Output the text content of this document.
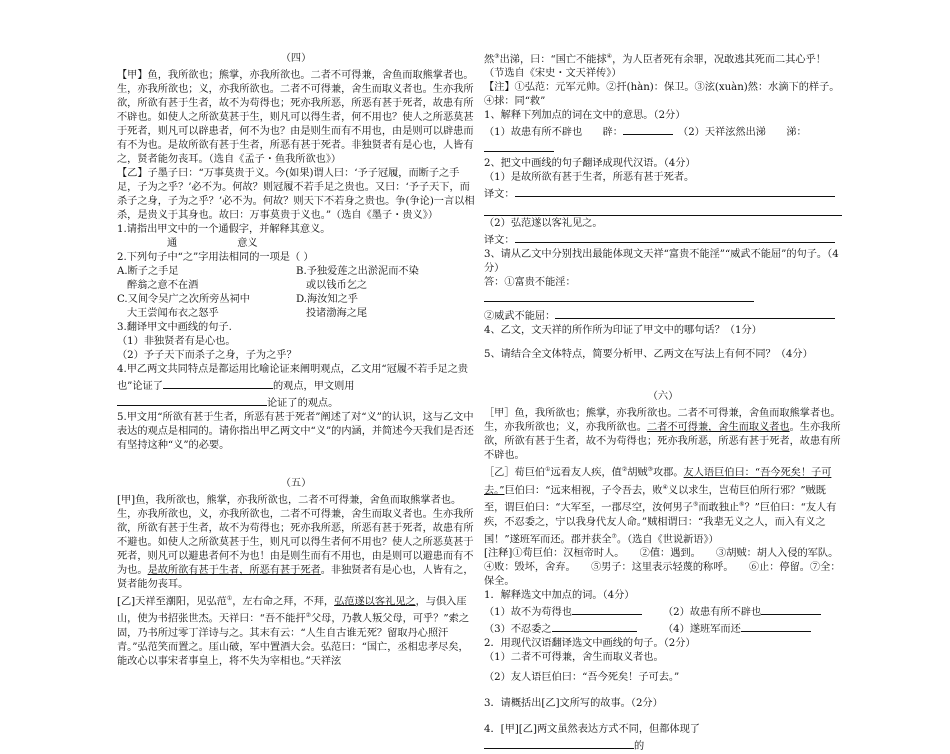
（四）

【甲】鱼，我所欲也；熊掌，亦我所欲也。二者不可得兼，舍鱼而取熊掌者也。生，亦我所欲也；义，亦我所欲也。二者不可得兼，舍生而取义者也。生亦我所欲，所欲有甚于生者，故不为苟得也；死亦我所恶，所恶有甚于死者，故患有所不辟也。如使人之所欲莫甚于生，则凡可以得生者，何不用也？使人之所恶莫甚于死者，则凡可以辟患者，何不为也？由是则生而有不用也，由是则可以辟患而有不为也。是故所欲有甚于生者，所恶有甚于死者。非独贤者有是心也，人皆有之，贤者能勿丧耳。（选自《孟子・鱼我所欲也》）

【乙】子墨子曰：“万事莫贵于义。今(如果)谓人曰：‘予子冠履，而断子之手足，子为之乎？’必不为。何故？则冠履不若手足之贵也。又曰：‘予子天下，而杀子之身，子为之乎？’必不为。何故？则天下不若身之贵也。争(争论)一言以相杀，是贵义于其身也。故曰：万事莫贵于义也。”（选自《墨子・贵义》）

1.请指出甲文中的一个通假字，并解释其意义。

通	意义

2.下列句子中“之”字用法相同的一项是（ ）

A.断子之手足	B.予独爱莲之出淤泥而不染

醉翁之意不在酒	或以钱币乞之

C.又间令吴广之次所旁丛祠中	D.海汝知之乎

大王尝闻布衣之怒乎	投诸渤海之尾

3.翻译甲文中画线的句子.

（1）非独贤者有是心也。

（2）予子天下而杀子之身，子为之乎？

4.甲乙两文共同特点是都运用比喻论证来阐明观点，乙文用“冠履不若手足之贵也”论证了	的观点，甲文则用论证了的观点。

5.甲文用“所欲有甚于生者，所恶有甚于死者”阐述了对“义”的认识，这与乙文中表达的观点是相同的。请你指出甲乙两文中“义”的内涵，并简述今天我们是否还有坚持这种“义”的必要。

（五）

[甲]鱼，我所欲也，熊掌，亦我所欲也，二者不可得兼，舍鱼而取熊掌者也。生，亦我所欲也，义，亦我所欲也，二者不可得兼，舍生而取义者也。生亦我所欲，所欲有甚于生者，故不为苟得也；死亦我所恶，所恶有甚于死者，故患有所不避也。如使人之所欲莫甚于生，则凡可以得生者何不用也？使人之所恶莫甚于死者，则凡可以避患者何不为也！由是则生而有不用也，由是则可以避患而有不为也。是故所欲有甚于生者，所恶有甚于死者。非独贤者有是心也，人皆有之，贤者能勿丧耳。

[乙]天祥至潮阳，见弘范①，左右命之拜，不拜，弘范遂以客礼见之，与俱入厓山，使为书招张世杰。天祥曰：“吾不能扞②父母，乃教人叛父母，可乎？”索之固，乃书所过零丁洋诗与之。其末有云：“人生自古谁无死？留取丹心照汗青。”弘范笑而置之。厓山破，军中置酒大会。弘范曰：“国亡，丞相忠孝尽矣，能改心以事宋者事皇上，将不失为宰相也。”天祥泫

然③出涕，曰：“国亡不能捄④，为人臣者死有余罪，况敢逃其死而二其心乎！（节选自《宋史・文天祥传》）

【注】①弘范：元军元帅。②扞(hàn)：保卫。③泫(xuàn)然：水滴下的样子。④捄：同“救”

1、解释下列加点的词在文中的意思。（2分）

（1）故患有所不辟也　　辟：　	（2）天祥泫然出涕　　涕：

2、把文中画线的句子翻译成现代汉语。（4分）

（1）是故所欲有甚于生者，所恶有甚于死者。

译文：

（2）弘范遂以客礼见之。

译文：

3、请从乙文中分别找出最能体现文天祥“富贵不能淫”“威武不能屈”的句子。（4分）

答：①富贵不能淫：

②威武不能屈：

4、乙文，文天祥的所作所为印证了甲文中的哪句话？（1分）

5、请结合全文体特点，简要分析甲、乙两文在写法上有何不同？（4分）

（六）

［甲］鱼，我所欲也；熊掌，亦我所欲也。二者不可得兼，舍鱼而取熊掌者也。生，亦我所欲也；义，亦我所欲也。二者不可得兼，舍生而取义者也。生亦我所欲，所欲有甚于生者，故不为苟得也；死亦我所恶，所恶有甚于死者，故患有所不辟也。

［乙］荀巨伯①远看友人疾，值②胡贼③攻郡。友人语巨伯曰：“吾今死矣！子可去。”巨伯曰：“远来相视，子令吾去，败④义以求生，岂荀巨伯所行邪？”贼既至，谓巨伯曰：“大军至，一郡尽空，汝何男子⑤而敢独止⑥？”巨伯曰：“友人有疾，不忍委之，宁以我身代友人命。”贼相谓曰：“我辈无义之人，而入有义之国！”遂班军而还。郡并获全⑦。（选自《世说新语》）

[注释]①荀巨伯：汉桓帝时人。　　②值：遇到。　　③胡贼：胡人入侵的军队。　　④败：毁坏，舍弃。　　⑤男子：这里表示轻蔑的称呼。　　⑥止：停留。⑦全：保全。

1．解释选文中加点的词。（4分）

（1）故不为苟得也	（2）故患有所不辟也

（3）不忍委之	（4）遂班军而还

2．用现代汉语翻译选文中画线的句子。（2分）

（1）二者不可得兼，舍生而取义者也。

（2）友人语巨伯曰：“吾今死矣！子可去。”

3．请概括出[乙]文所写的故事。（2分）

4．[甲][乙]两文虽然表达方式不同，但都体现了的
